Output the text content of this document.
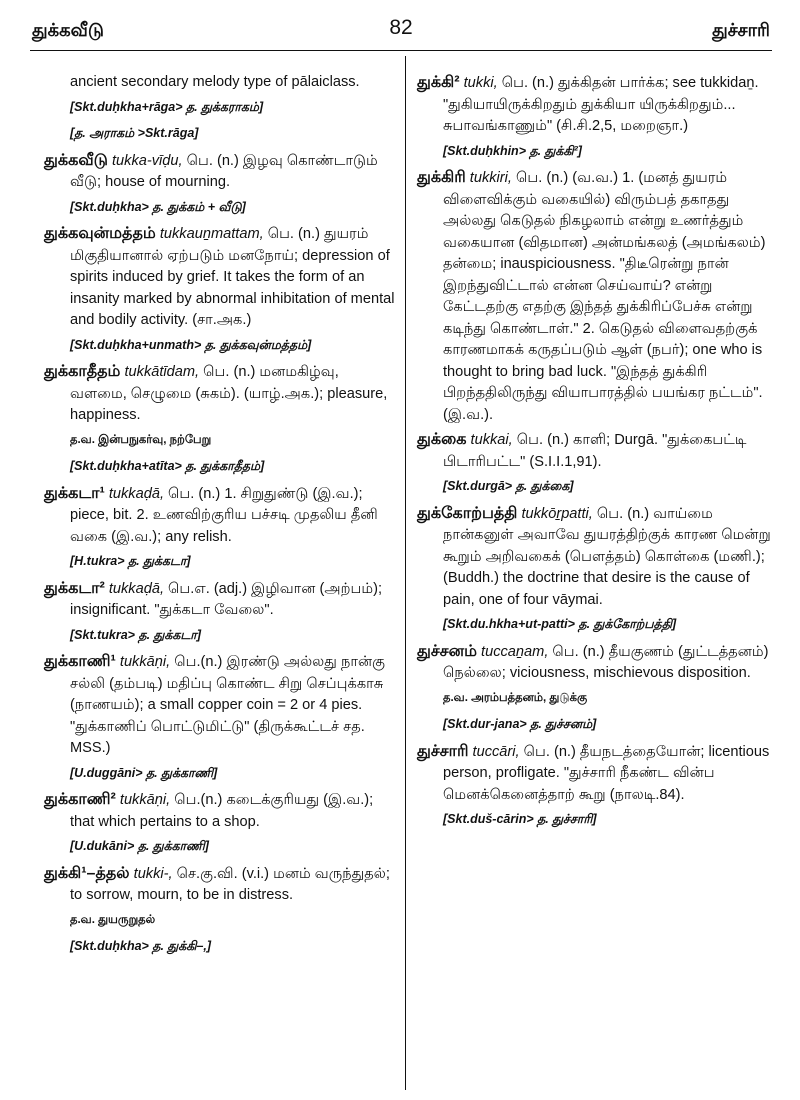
துக்கவீடு	82	துச்சாரி
ancient secondary melody type of pālaiclass.
[Skt.duḥkha+rāga> த. துக்கராகம்]
[த. அராகம் >Skt.rāga]
துக்கவீடு tukka-vīḍu, பெ. (n.) இழவு கொண்டாடும் வீடு; house of mourning.
[Skt.duḥkha> த. துக்கம் + வீடு]
துக்கவுன்மத்தம் tukkauṉmattam, பெ. (n.) துயரம் மிகுதியானால் ஏற்படும் மனநோய்; depression of spirits induced by grief. It takes the form of an insanity marked by abnormal inhibitation of mental and bodily activity. (சா.அக.)
[Skt.duḥkha+unmath> த. துக்கவுன்மத்தம்]
துக்காதீதம் tukkātīdam, பெ. (n.) மனமகிழ்வு, வளமை, செழுமை (சுகம்). (யாழ்.அக.); pleasure, happiness.
த.வ. இன்பநுகர்வு, நற்பேறு
[Skt.duḥkha+atīta> த. துக்காதீதம்]
துக்கடா¹ tukkaḍā, பெ. (n.) 1. சிறுதுண்டு (இ.வ.); piece, bit. 2. உணவிற்குரிய பச்சடி முதலிய தீனி வகை (இ.வ.); any relish.
[H.tukra> த. துக்கடா]
துக்கடா² tukkaḍā, பெ.எ. (adj.) இழிவான (அற்பம்); insignificant. "துக்கடா வேலை".
[Skt.tukra> த. துக்கடா]
துக்காணி¹ tukkāṇi, பெ.(n.) இரண்டு அல்லது நான்கு சல்லி (தம்படி) மதிப்பு கொண்ட சிறு செப்புக்காசு (நாணயம்); a small copper coin = 2 or 4 pies. "துக்காணிப் பொட்டுமிட்டு" (திருக்கூட்டச் சத. MSS.)
[U.duggāni> த. துக்காணி]
துக்காணி² tukkāṇi, பெ.(n.) கடைக்குரியது (இ.வ.); that which pertains to a shop.
[U.dukāni> த. துக்காணி]
துக்கி¹–த்தல் tukki-, செ.கு.வி. (v.i.) மனம் வருந்துதல்; to sorrow, mourn, to be in distress.
த.வ. துயருறுதல்
[Skt.duḥkha> த. துக்கி–,]
துக்கி² tukki, பெ. (n.) துக்கிதன் பார்க்க; see tukkidaṉ. "துகியாயிருக்கிறதும் துக்கியா யிருக்கிறதும்... சுபாவங்காணும்" (சி.சி.2,5, மறைஞா.)
[Skt.duḥkhin> த. துக்கி²]
துக்கிரி tukkiri, பெ. (n.) (வ.வ.) 1. (மனத் துயரம் விளைவிக்கும் வகையில்) விரும்பத் தகாதது அல்லது கெடுதல் நிகழலாம் என்று உணர்த்தும் வகையான (விதமான) அன்மங்கலத் (அமங்கலம்) தன்மை; inauspiciousness. "திடீரென்று நான் இறந்துவிட்டால் என்ன செய்வாய்? என்று கேட்டதற்கு எதற்கு இந்தத் துக்கிரிப்பேச்சு என்று கடிந்து கொண்டாள்." 2. கெடுதல் விளைவதற்குக் காரணமாகக் கருதப்படும் ஆள் (நபர்); one who is thought to bring bad luck. "இந்தத் துக்கிரி பிறந்ததிலிருந்து வியாபாரத்தில் பயங்கர நட்டம்". (இ.வ.).
துக்கை tukkai, பெ. (n.) காளி; Durgā. "துக்கைபட்டி பிடாரிபட்ட" (S.I.I.1,91).
[Skt.durgā> த. துக்கை]
துக்கோற்பத்தி tukkōṟpatti, பெ. (n.) வாய்மை நான்கனுள் அவாவே துயரத்திற்குக் காரண மென்று கூறும் அறிவகைக் (பௌத்தம்) கொள்கை (மணி.); (Buddh.) the doctrine that desire is the cause of pain, one of four vāymai.
[Skt.du.hkha+ut-patti> த. துக்கோற்பத்தி]
துச்சனம் tuccaṉam, பெ. (n.) தீயகுணம் (துட்டத்தனம்) நெல்லை; viciousness, mischievous disposition.
த.வ. அரம்பத்தனம், துடுக்கு
[Skt.dur-jana> த. துச்சனம்]
துச்சாரி tuccāri, பெ. (n.) தீயநடத்தையோன்; licentious person, profligate. "துச்சாரி நீகண்ட வின்ப மெனக்கெனைத்தாற் கூறு (நாலடி.84).
[Skt.duš-cārin> த. துச்சாரி]
